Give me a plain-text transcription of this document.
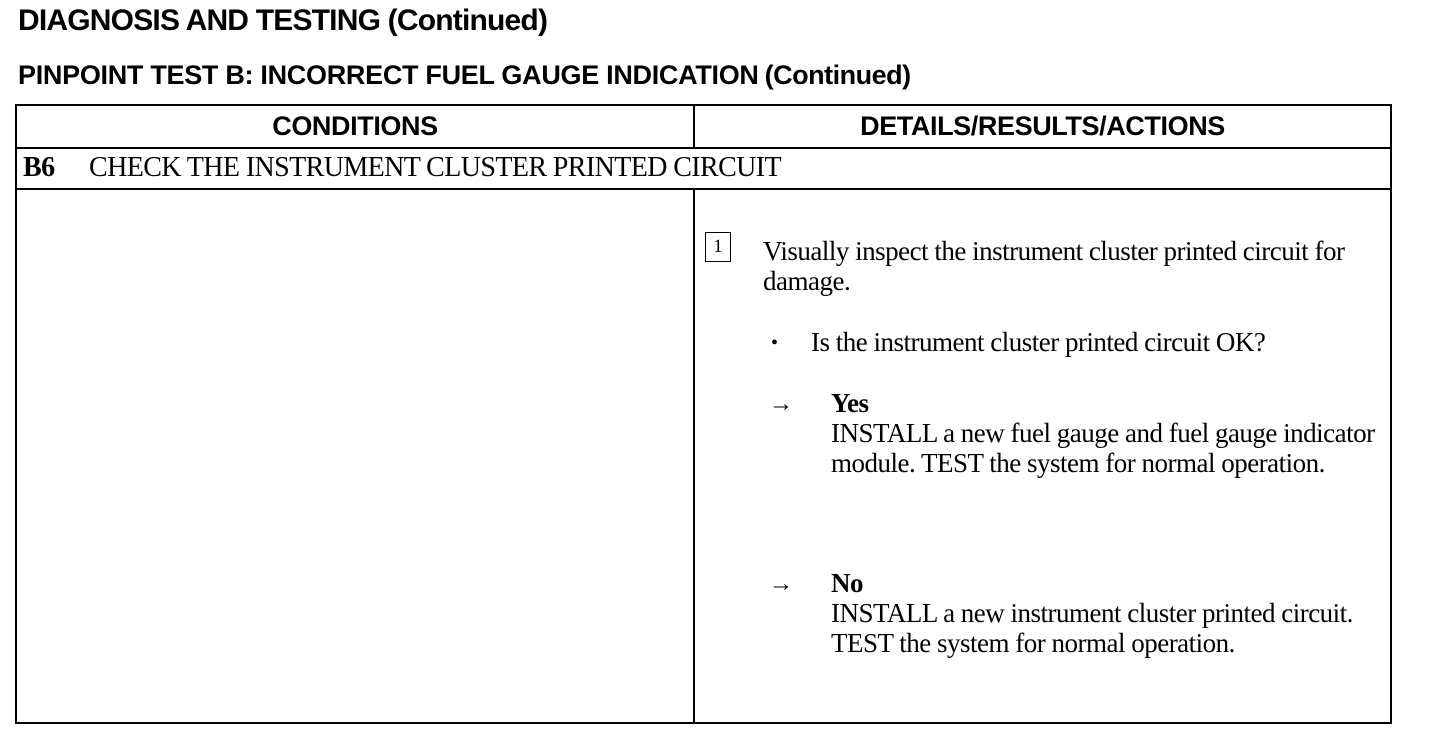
DIAGNOSIS AND TESTING (Continued)
PINPOINT TEST B: INCORRECT FUEL GAUGE INDICATION (Continued)
CONDITIONS	DETAILS/RESULTS/ACTIONS
B6 CHECK THE INSTRUMENT CLUSTER PRINTED CIRCUIT
1	Visually inspect the instrument cluster printed circuit for damage.
• Is the instrument cluster printed circuit OK?
→ Yes
INSTALL a new fuel gauge and fuel gauge indicator module. TEST the system for normal operation.
→ No
INSTALL a new instrument cluster printed circuit. TEST the system for normal operation.
